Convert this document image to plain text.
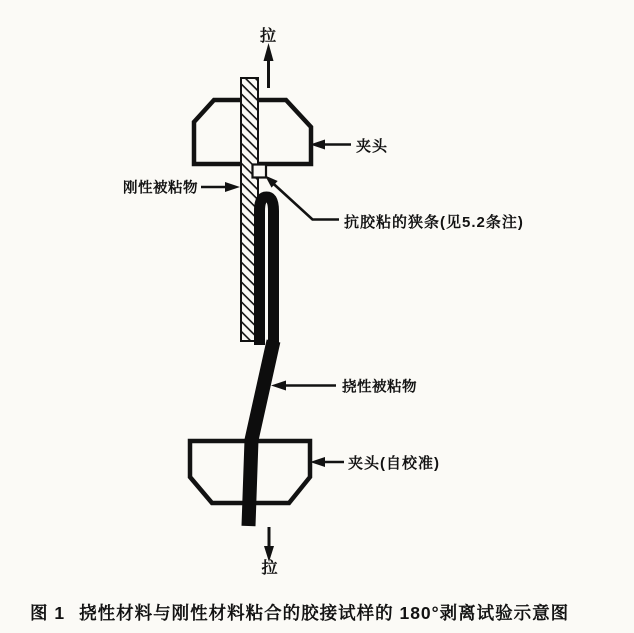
拉
夹头
刚性被粘物
抗胶粘的狭条(见5.2条注)
挠性被粘物
夹头(自校准)
拉
图 1 挠性材料与刚性材料粘合的胶接试样的 180°剥离试验示意图
